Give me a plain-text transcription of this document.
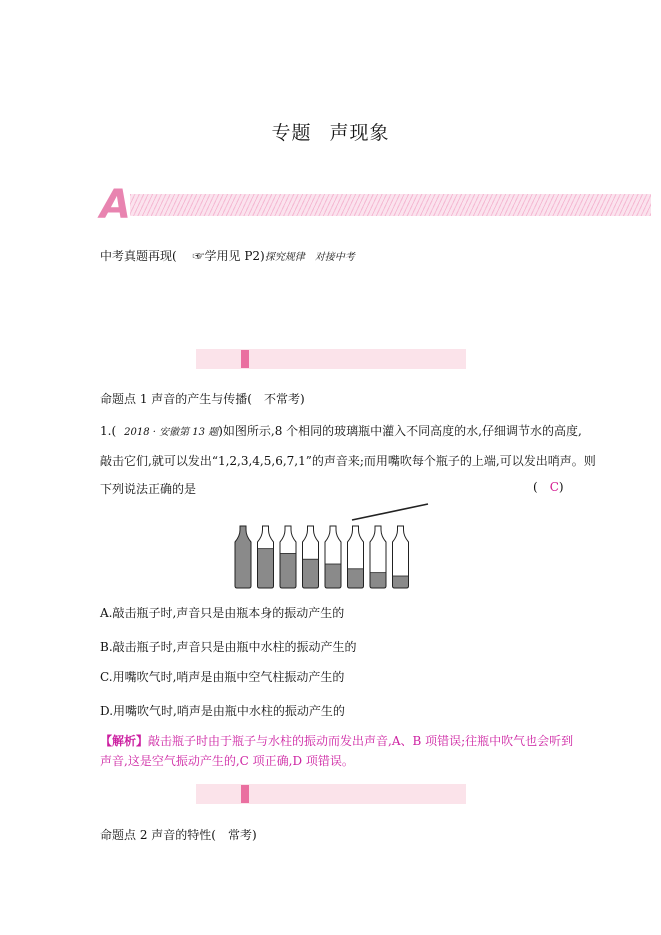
专题 声现象
A
中考真题再现( ☞学用见 P2)探究规律　对接中考
命题点 1 声音的产生与传播(　不常考)
1.( 2018 · 安徽第 13 题)如图所示,8 个相同的玻璃瓶中灌入不同高度的水,仔细调节水的高度,
敲击它们,就可以发出“1,2,3,4,5,6,7,1”的声音来;而用嘴吹每个瓶子的上端,可以发出哨声。则
下列说法正确的是	(　C)
A.敲击瓶子时,声音只是由瓶本身的振动产生的
B.敲击瓶子时,声音只是由瓶中水柱的振动产生的
C.用嘴吹气时,哨声是由瓶中空气柱振动产生的
D.用嘴吹气时,哨声是由瓶中水柱的振动产生的
【解析】敲击瓶子时由于瓶子与水柱的振动而发出声音,A、B 项错误;往瓶中吹气也会听到
声音,这是空气振动产生的,C 项正确,D 项错误。
命题点 2 声音的特性(　常考)
